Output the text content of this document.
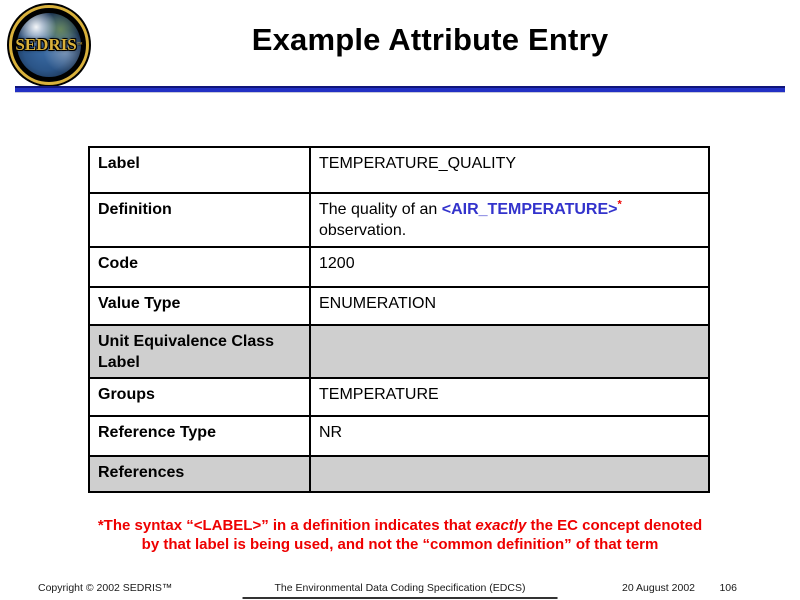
SEDRIS ™	Example Attribute Entry
Label	TEMPERATURE_QUALITY
Definition	The quality of an <AIR_TEMPERATURE>*
observation.
Code	1200
Value Type	ENUMERATION
Unit Equivalence Class Label	
Groups	TEMPERATURE
Reference Type	NR
References	
*The syntax “<LABEL>” in a definition indicates that exactly the EC concept denoted
by that label is being used, and not the “common definition” of that term
Copyright © 2002 SEDRIS™	The Environmental Data Coding Specification (EDCS)	20 August 2002 106
